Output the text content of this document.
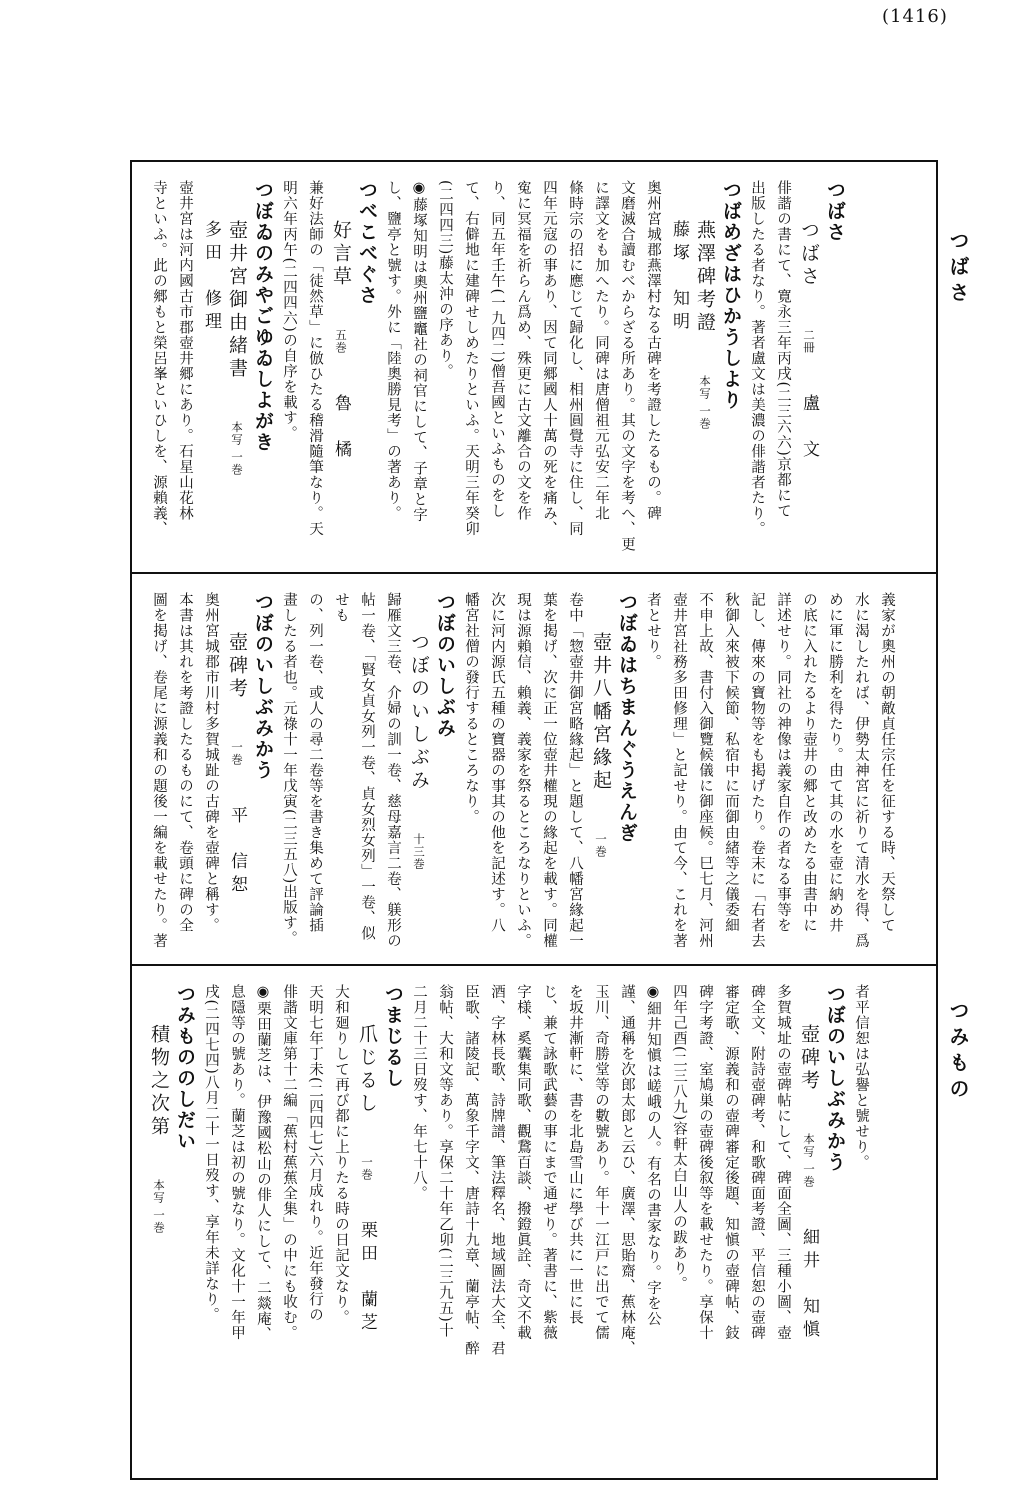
(1416)
つばさ
つみもの
つばさ
つばさ二冊盧　文
俳諧の書にて、寛永三年丙戌(二三六六)京都にて
出版したる者なり。著者盧文は美濃の俳諧者たり。
つばめざはひかうしより
燕澤碑考證本写 一巻藤塚　知明
奥州宮城郡燕澤村なる古碑を考證したるもの。碑
文磨滅合讀むべからざる所あり。其の文字を考へ、更
に譯文をも加へたり。同碑は唐僧祖元弘安二年北
條時宗の招に應じて歸化し、相州圓覺寺に住し、同
四年元寇の事あり、因て同郷國人十萬の死を痛み、
寃に冥福を祈らん爲め、殊更に古文離合の文を作
り、同五年壬午(一九四二)僧吾國といふものをし
て、右僻地に建碑せしめたりといふ。天明三年癸卯
(二四四三)藤太沖の序あり。
◉藤塚知明は奧州鹽竈社の祠官にして、子章と字
し、鹽亭と號す。外に「陸奧勝見考」の著あり。
つべこべぐさ
好言草五巻魯　橘
兼好法師の「徒然草」に倣ひたる稽滑隨筆なり。天
明六年丙午(二四四六)の自序を載す。
つぼゐのみやごゆゐしよがき
壺井宮御由緒書本写 一巻多田　修理
壺井宮は河内國古市郡壺井郷にあり。石星山花林
寺といふ。此の郷もと榮呂峯といひしを、源賴義、
義家が奧州の朝敵貞任宗任を征する時、天祭して
水に渴したれば、伊勢太神宮に祈りて清水を得、爲
めに軍に勝利を得たり。由て其の水を壺に納め井
の底に入れたるより壺井の郷と改めたる由書中に
詳述せり。同社の神像は義家自作の者なる事等を
記し、傳來の寶物等をも掲げたり。卷末に「右者去
秋御入來被下候節、私宿中に而御由緒等之儀委細
不申上故、書付入御覽候儀に御座候。巳七月、河州
壺井宮社務多田修理」と記せり。由て今、これを著
者とせり。
つぼゐはちまんぐうえんぎ
壺井八幡宮緣起一巻
卷中「惣壺井御宮略緣起」と題して、八幡宮緣起一
葉を掲げ、次に正一位壺井權現の緣起を載す。同權
現は源賴信、賴義、義家を祭るところなりといふ。
次に河内源氏五種の寶器の事其の他を記述す。八
幡宮社僧の發行するところなり。
つぼのいしぶみ
つぼのいしぶみ十三巻
歸雁文三卷、介婦の訓一卷、慈母嘉言二卷、躾形の
帖一卷、「賢女貞女列一卷、貞女烈女列」一卷、似せも
の、列一卷、或人の尋二卷等を書き集めて評論插
畫したる者也。元祿十一年戊寅(二三五八)出版す。
つぼのいしぶみかう
壺碑考一巻平　信恕
奥州宮城郡市川村多賀城趾の古碑を壺碑と稱す。
本書は其れを考證したるものにて、卷頭に碑の全
圖を掲げ、卷尾に源義和の題後一編を載せたり。著
者平信恕は弘譽と號せり。
つぼのいしぶみかう
壺碑考本写 一巻細井　知愼
多賀城址の壺碑帖にして、碑面全圖、三種小圖、壺
碑全文、附詩壺碑考、和歌碑面考證、平信恕の壺碑
審定歌、源義和の壺碑審定後題、知愼の壺碑帖、鈘
碑字考證、室鳩巣の壺碑後叙等を載せたり。享保十
四年己酉(二三八九)容軒太白山人の跋あり。
◉細井知愼は嵯峨の人。有名の書家なり。字を公
謹、通稱を次郎太郎と云ひ、廣澤、思貽齋、蕉林庵、
玉川、奇勝堂等の數號あり。年十一江戸に出でて儒
を坂井漸軒に、書を北島雪山に學び共に一世に長
じ、兼て詠歌武藝の事にまで通ぜり。著書に、紫薇
字様、奚囊集同歌、觀鵞百談、撥鐙眞詮、奇文不載
酒、字林長歌、詩牌譜、筆法釋名、地域圖法大全、君
臣歌、諸陵記、萬象千字文、唐詩十九章、蘭亭帖、醉
翁帖、大和文等あり。享保二十年乙卯(二三九五)十
二月二十三日歿す、年七十八。
つまじるし
爪じるし一巻栗田　蘭芝
大和廻りして再び都に上りたる時の日記文なり。
天明七年丁未(二四四七)六月成れり。近年發行の
俳諧文庫第十二編「蕉村蕉蕉全集」の中にも收む。
◉栗田蘭芝は、伊豫國松山の俳人にして、二燚庵、
息隱等の號あり。蘭芝は初の號なり。文化十一年甲
戌(二四七四)八月二十一日歿す、享年未詳なり。
つみもののしだい
積物之次第本写 一巻
